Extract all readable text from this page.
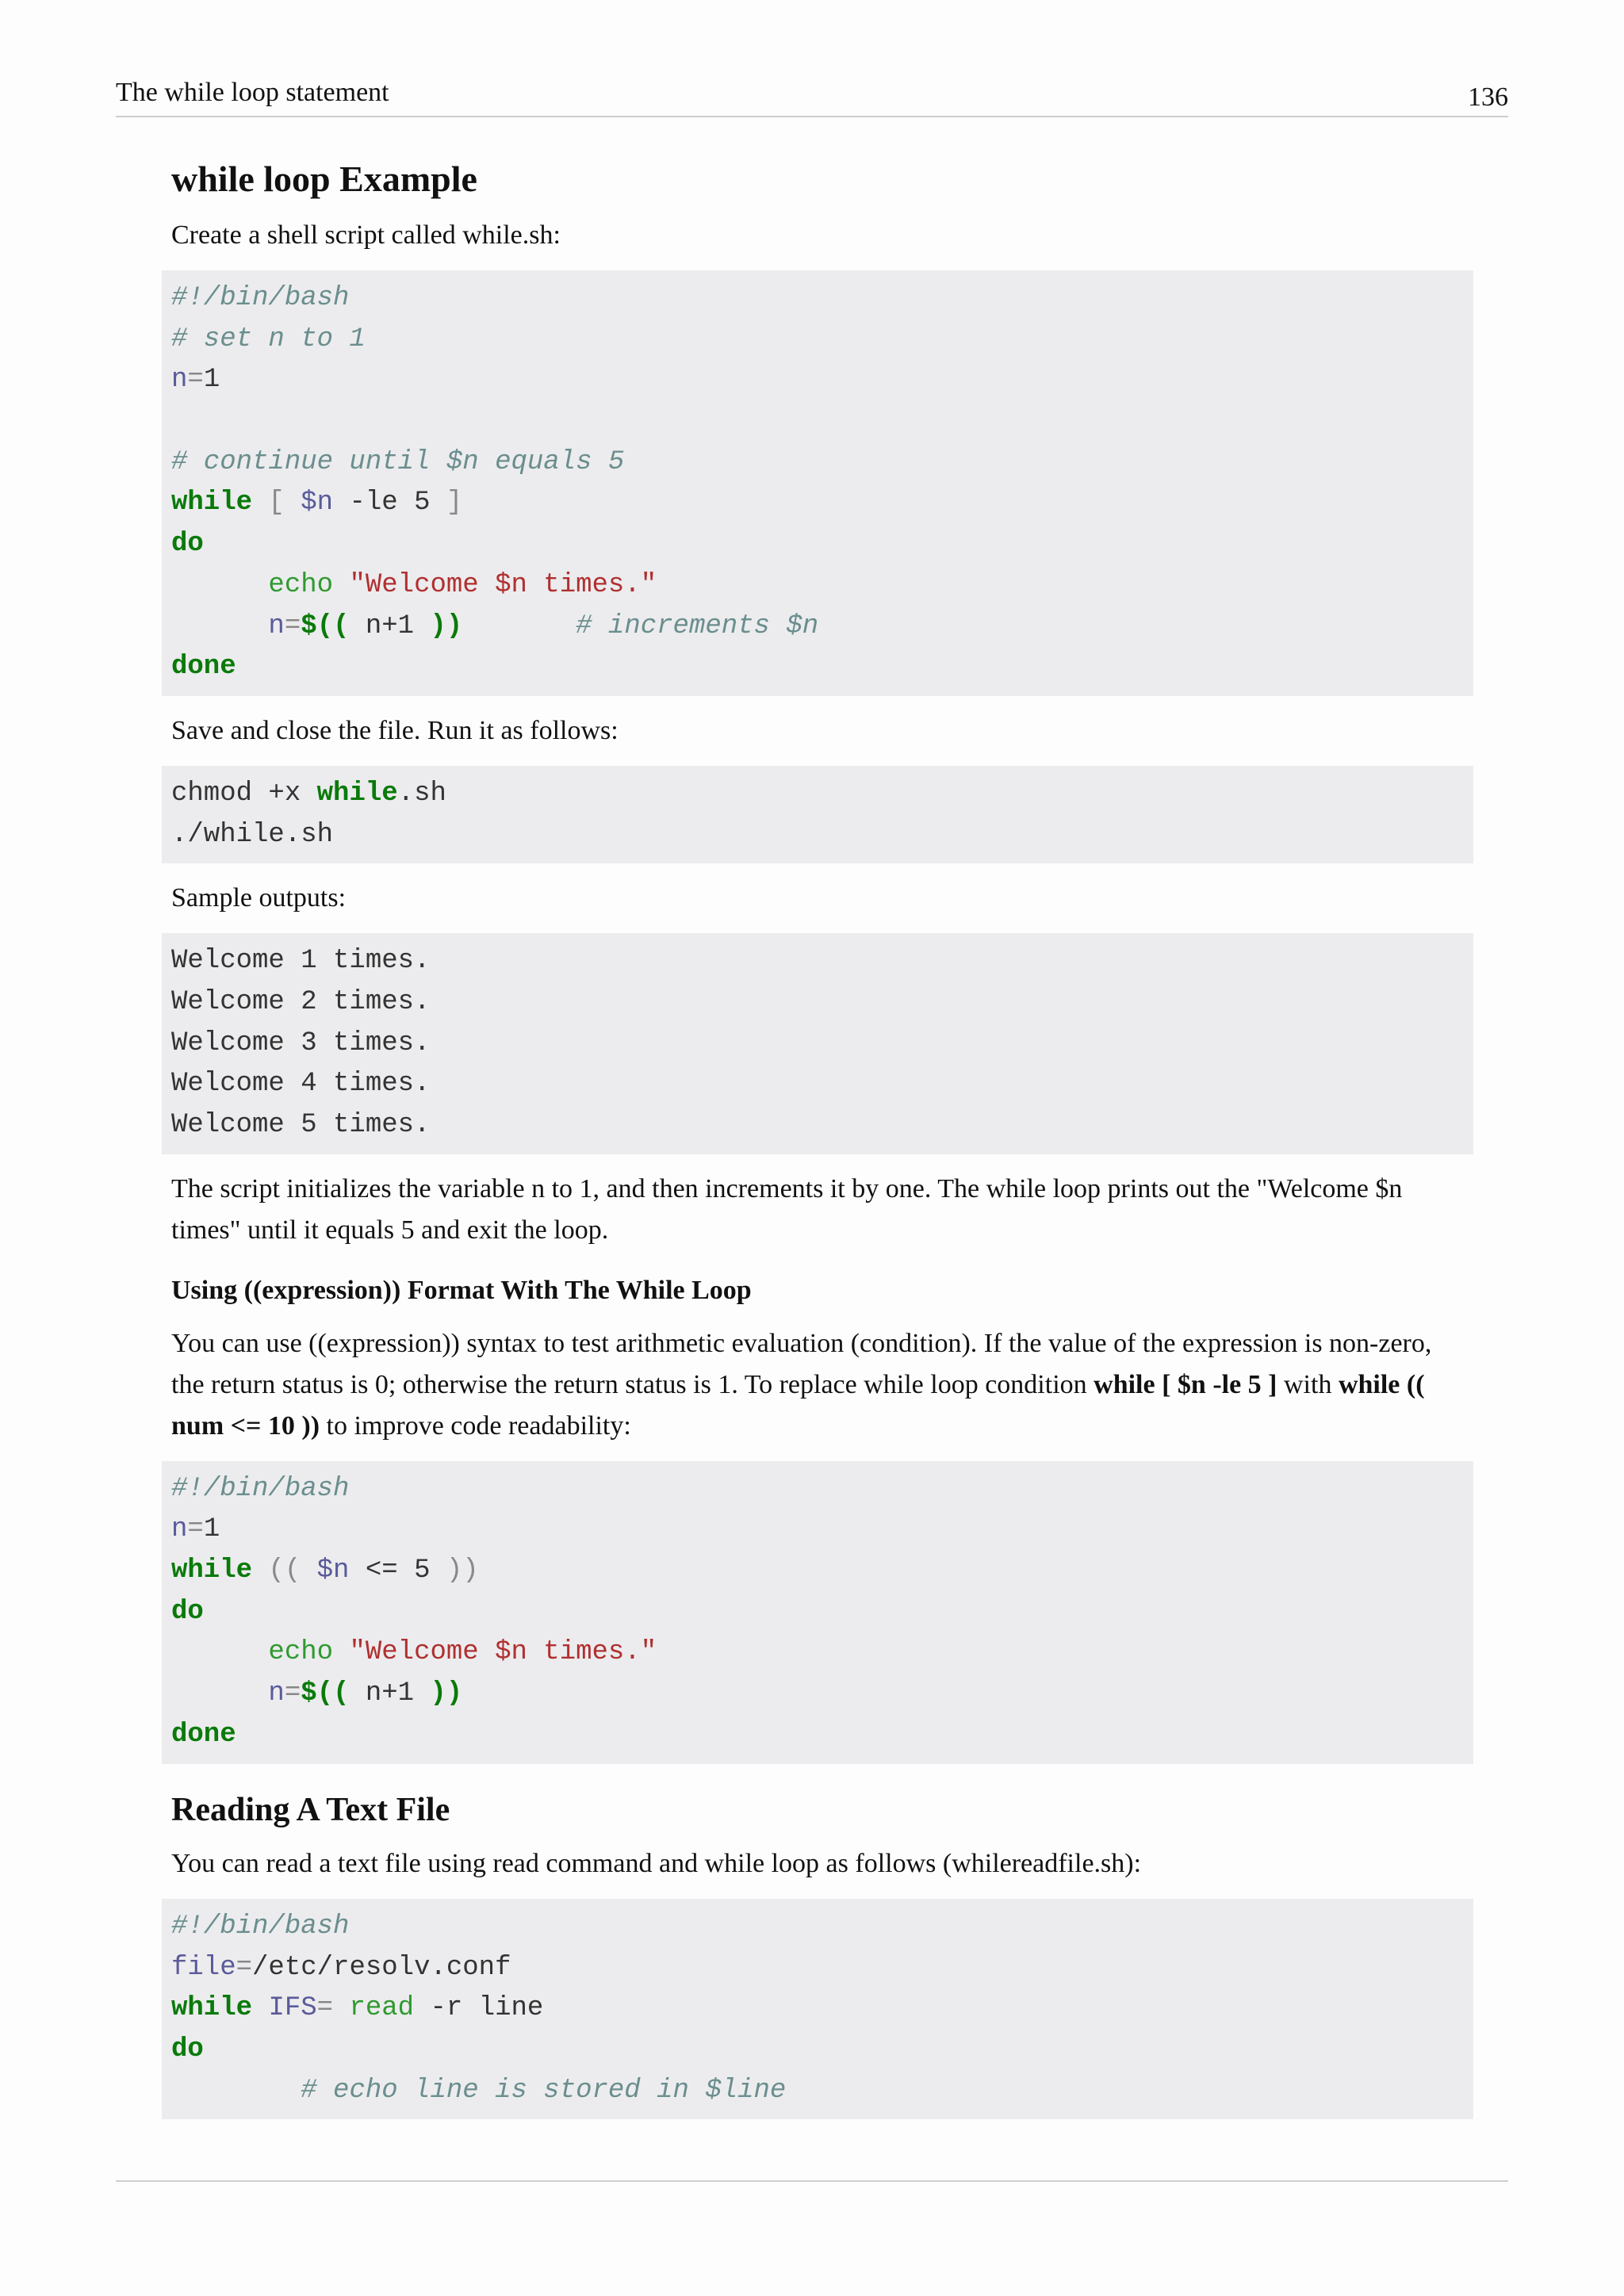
The while loop statement	136
while loop Example

Create a shell script called while.sh:

#!/bin/bash
# set n to 1
n=1

# continue until $n equals 5
while [ $n -le 5 ]
do
echo "Welcome $n times."
n=$(( n+1 ))	# increments $n
done

Save and close the file. Run it as follows:

chmod +x while.sh
./while.sh

Sample outputs:

Welcome 1 times.
Welcome 2 times.
Welcome 3 times.
Welcome 4 times.
Welcome 5 times.

The script initializes the variable n to 1, and then increments it by one. The while loop prints out the "Welcome $n times" until it equals 5 and exit the loop.

Using ((expression)) Format With The While Loop

You can use ((expression)) syntax to test arithmetic evaluation (condition). If the value of the expression is non-zero, the return status is 0; otherwise the return status is 1. To replace while loop condition while [ $n -le 5 ] with while (( num <= 10 )) to improve code readability:

#!/bin/bash
n=1
while (( $n <= 5 ))
do
echo "Welcome $n times."
n=$(( n+1 ))
done
Reading A Text File

You can read a text file using read command and while loop as follows (whilereadfile.sh):

#!/bin/bash
file=/etc/resolv.conf
while IFS= read -r line
do
# echo line is stored in $line
